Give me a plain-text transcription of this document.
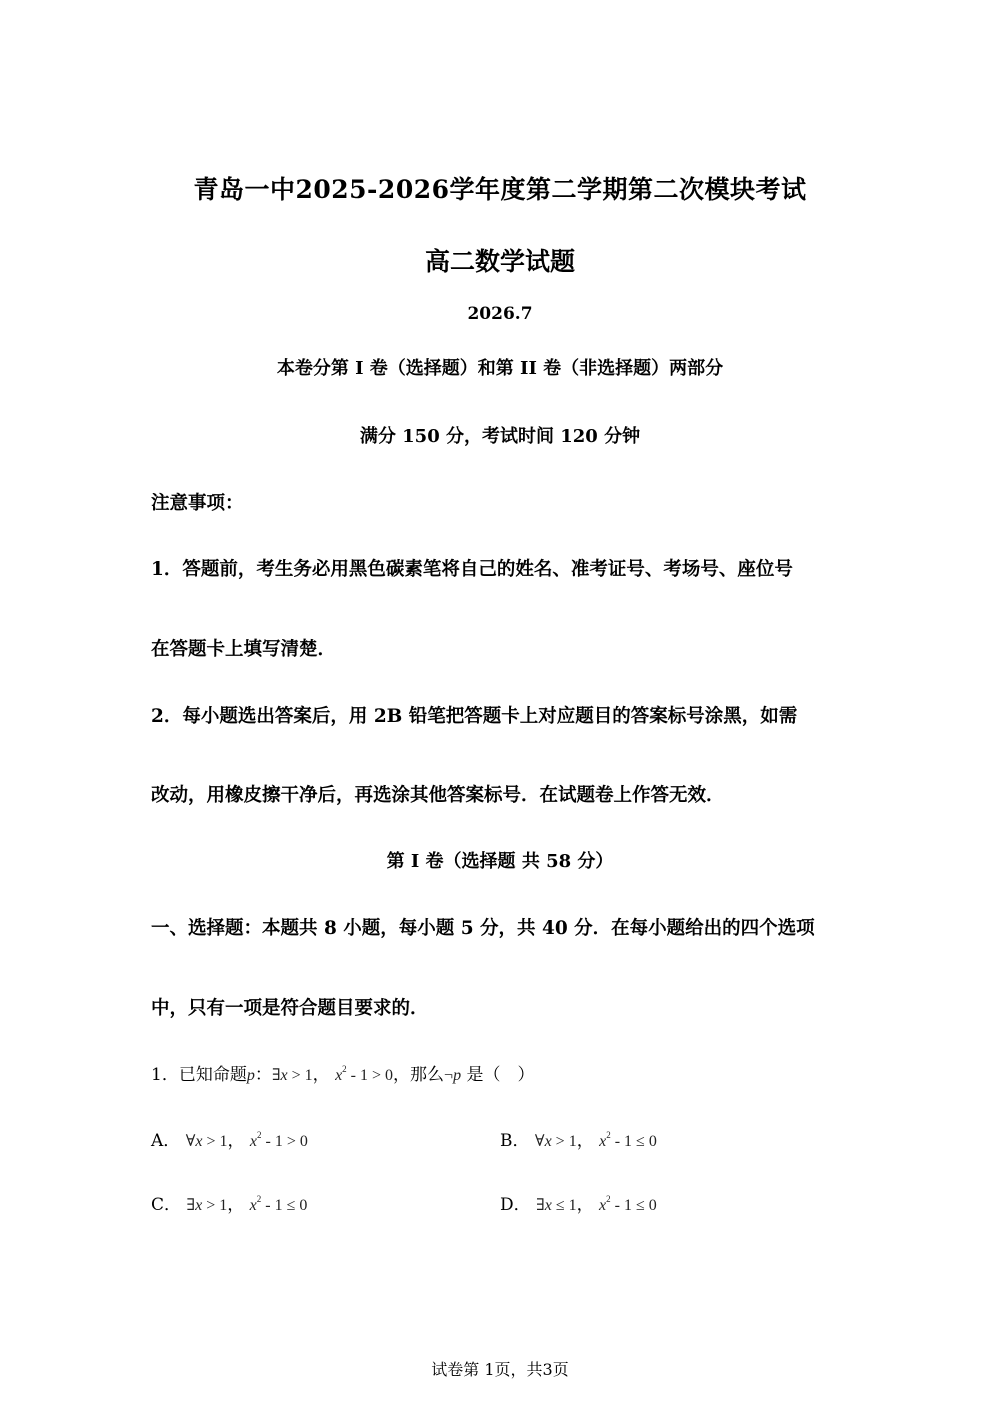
青岛一中2025-2026学年度第二学期第二次模块考试
高二数学试题
2026.7
本卷分第 I 卷（选择题）和第 II 卷（非选择题）两部分
满分 150 分，考试时间 120 分钟
注意事项：
1．答题前，考生务必用黑色碳素笔将自己的姓名、准考证号、考场号、座位号
在答题卡上填写清楚．
2．每小题选出答案后，用 2B 铅笔把答题卡上对应题目的答案标号涂黑，如需
改动，用橡皮擦干净后，再选涂其他答案标号．在试题卷上作答无效．
第 I 卷（选择题 共 58 分）
一、选择题：本题共 8 小题，每小题 5 分，共 40 分．在每小题给出的四个选项
中，只有一项是符合题目要求的．
1．已知命题p：∃x > 1， $x^2 - 1 > 0$，那么¬p 是（　）
A． ∀x > 1， $x^2 - 1 > 0$	B． ∀x > 1， $x^2 - 1 \le 0$
C． ∃x > 1， $x^2 - 1 \le 0$	D． ∃x ≤ 1， $x^2 - 1 \le 0$
试卷第 1页，共3页
